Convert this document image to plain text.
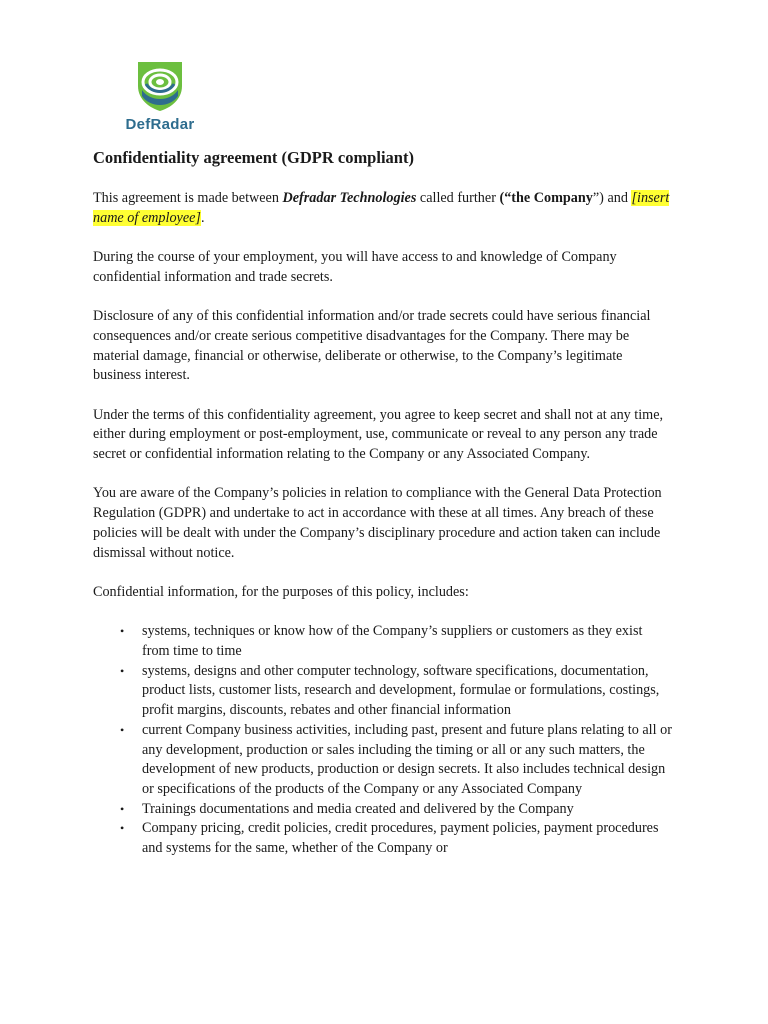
DefRadar
Confidentiality agreement (GDPR compliant)

This agreement is made between Defradar Technologies called further (“the Company”) and [insert name of employee].

During the course of your employment, you will have access to and knowledge of Company confidential information and trade secrets.

Disclosure of any of this confidential information and/or trade secrets could have serious financial consequences and/or create serious competitive disadvantages for the Company. There may be material damage, financial or otherwise, deliberate or otherwise, to the Company’s legitimate business interest.

Under the terms of this confidentiality agreement, you agree to keep secret and shall not at any time, either during employment or post-employment, use, communicate or reveal to any person any trade secret or confidential information relating to the Company or any Associated Company.

You are aware of the Company’s policies in relation to compliance with the General Data Protection Regulation (GDPR) and undertake to act in accordance with these at all times. Any breach of these policies will be dealt with under the Company’s disciplinary procedure and action taken can include dismissal without notice.

Confidential information, for the purposes of this policy, includes:

• systems, techniques or know how of the Company’s suppliers or customers as they exist from time to time
• systems, designs and other computer technology, software specifications, documentation, product lists, customer lists, research and development, formulae or formulations, costings, profit margins, discounts, rebates and other financial information
• current Company business activities, including past, present and future plans relating to all or any development, production or sales including the timing or all or any such matters, the development of new products, production or design secrets. It also includes technical design or specifications of the products of the Company or any Associated Company
• Trainings documentations and media created and delivered by the Company
• Company pricing, credit policies, credit procedures, payment policies, payment procedures and systems for the same, whether of the Company or
